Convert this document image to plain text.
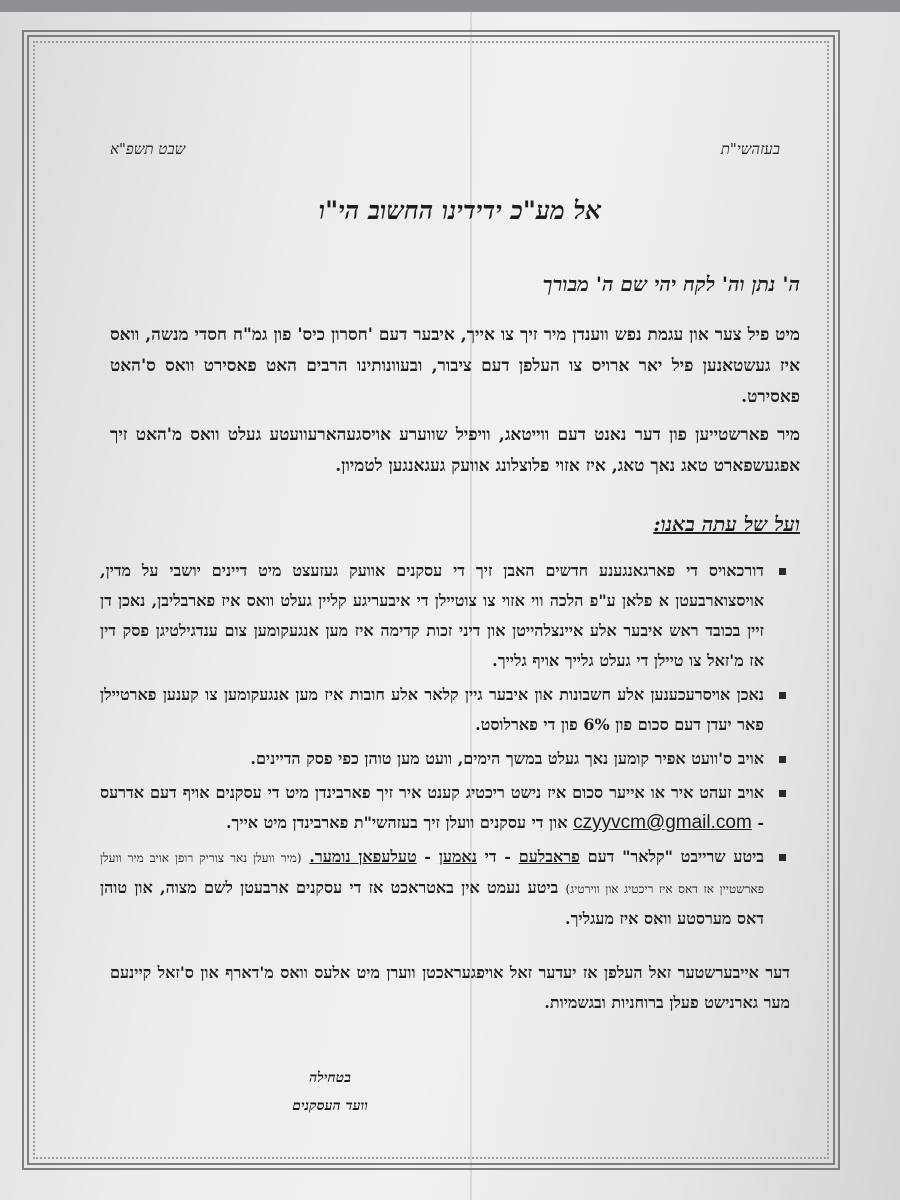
בעזהשי"ת
שבט תשפ"א
אל מע"כ ידידינו החשוב הי"ו
ה' נתן וה' לקח יהי שם ה' מבורך
מיט פיל צער און עגמת נפש ווענדן מיר זיך צו אייך, איבער דעם 'חסרון כיס' פון גמ"ח חסדי מנשה, וואס איז געשטאנען פיל יאר ארויס צו העלפן דעם ציבור, ובעוונותינו הרבים האט פאסירט וואס ס'האט פאסירט.
מיר פארשטייען פון דער נאנט דעם ווייטאג, וויפיל שווערע אויסגעהארעוועטע געלט וואס מ'האט זיך אפגעשפארט טאג נאך טאג, איז אזוי פלוצלונג אוועק געגאנגען לטמיון.
ועל של עתה באנו:
דורכאויס די פארגאנגענע חדשים האבן זיך די עסקנים אוועק געזעצט מיט דיינים יושבי על מדין, אויסצוארבעטן א פלאן ע"פ הלכה ווי אזוי צו צוטיילן די איבעריגע קליין געלט וואס איז פארבליבן, נאכן דן זיין בכובד ראש איבער אלע איינצלהייטן און דיני זכות קדימה איז מען אנגעקומען צום ענדגילטיגן פסק דין אז מ'זאל צו טיילן די געלט גלייך אויף גלייך.
נאכן אויסרעכענען אלע חשבונות און איבער גיין קלאר אלע חובות איז מען אנגעקומען צו קענען פארטיילן פאר יעדן דעם סכום פון 6% פון די פארלוסט.
אויב ס'וועט אפיר קומען נאך געלט במשך הימים, וועט מען טוהן כפי פסק הדיינים.
אויב זעהט איר או אייער סכום איז נישט ריכטיג קענט איר זיך פארבינדן מיט די עסקנים אויף דעם אדרעס - czyyvcm@gmail.com און די עסקנים וועלן זיך בעזהשי"ת פארבינדן מיט אייך.
ביטע שרייבט "קלאר" דעם פראבלעם - די נאמען - טעלעפאן נומער. (מיר וועלן נאר צוריק רופן אויב מיר וועלן פארשטיין אז דאס איז ריכטיג און ווירטיג) ביטע נעמט אין באטראכט אז די עסקנים ארבעטן לשם מצוה, און טוהן דאס מערסטע וואס איז מעגליך.
דער אייבערשטער זאל העלפן אז יעדער זאל אויפגעראכטן ווערן מיט אלעס וואס מ'דארף און ס'זאל קיינעם מער גארנישט פעלן ברוחניות ובגשמיות.
בטחילה
וועד העסקנים
